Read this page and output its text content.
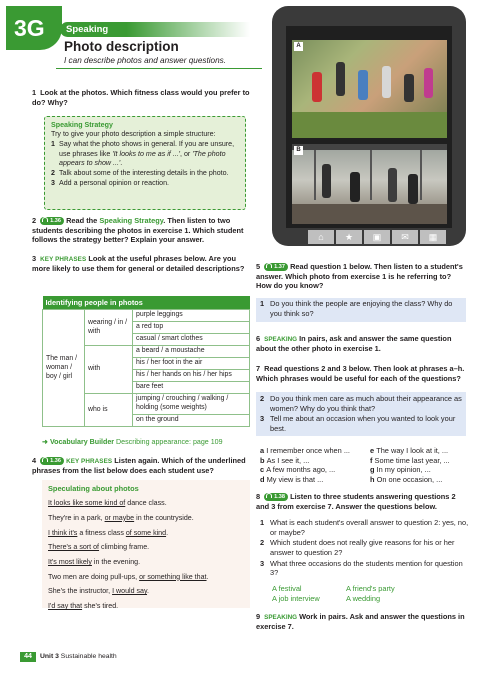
3G	Speaking
Photo description
I can describe photos and answer questions.
A
B
⌂	★	▣	✉	▦
1 Look at the photos. Which fitness class would you prefer to do? Why?
Speaking Strategy
Try to give your photo description a simple structure:
1 Say what the photo shows in general. If you are unsure, use phrases like 'It looks to me as if ...', or 'The photo appears to show ...'.
2 Talk about some of the interesting details in the photo.
3 Add a personal opinion or reaction.
2	1.36 Read the Speaking Strategy. Then listen to two students describing the photos in exercise 1. Which student follows the strategy better? Explain your answer.
3 KEY PHRASES Look at the useful phrases below. Are you more likely to use them for general or detailed descriptions?
Identifying people in photos		
The man / woman / boy / girl	wearing / in / with	purple leggings
		a red top
		casual / smart clothes
	with	a beard / a moustache
		his / her foot in the air
		his / her hands on his / her hips
		bare feet
	who is	jumping / crouching / walking / holding (some weights)
		on the ground
➜ Vocabulary Builder Describing appearance: page 109
4	1.36 KEY PHRASES Listen again. Which of the underlined phrases from the list below does each student use?
Speculating about photos
It looks like some kind of dance class.
They're in a park, or maybe in the countryside.
I think it's a fitness class of some kind.
There's a sort of climbing frame.
It's most likely in the evening.
Two men are doing pull-ups, or something like that.
She's the instructor, I would say.
I'd say that she's tired.
44	Unit 3 Sustainable health
5	1.37 Read question 1 below. Then listen to a student's answer. Which photo from exercise 1 is he referring to? How do you know?
1 Do you think the people are enjoying the class? Why do you think so?
6 SPEAKING In pairs, ask and answer the same question about the other photo in exercise 1.
7 Read questions 2 and 3 below. Then look at phrases a–h. Which phrases would be useful for each of the questions?
2 Do you think men care as much about their appearance as women? Why do you think that?
3 Tell me about an occasion when you wanted to look your best.
a I remember once when ...
b As I see it, ...
c A few months ago, ...
d My view is that ...
e The way I look at it, ...
f Some time last year, ...
g In my opinion, ...
h On one occasion, ...
8	1.38 Listen to three students answering questions 2 and 3 from exercise 7. Answer the questions below.
1 What is each student's overall answer to question 2: yes, no, or maybe?
2 Which student does not really give reasons for his or her answer to question 2?
3 What three occasions do the students mention for question 3?
A festival	A friend's party
A job interview	A wedding
9 SPEAKING Work in pairs. Ask and answer the questions in exercise 7.
